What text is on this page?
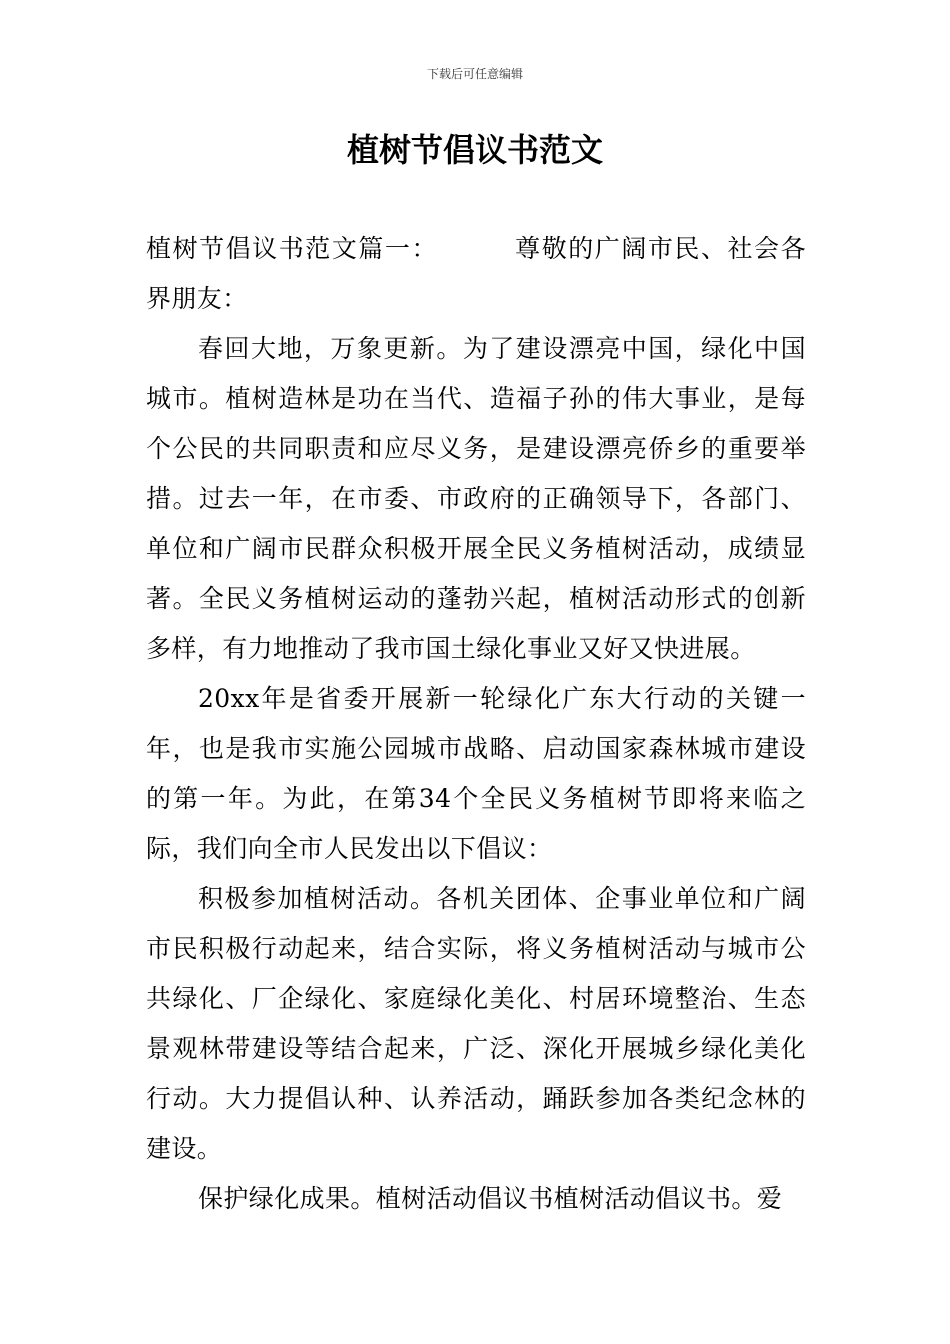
下载后可任意编辑
植树节倡议书范文

植树节倡议书范文篇一：	尊敬的广阔市民、社会各界朋友：

春回大地，万象更新。为了建设漂亮中国，绿化中国城市。植树造林是功在当代、造福子孙的伟大事业，是每个公民的共同职责和应尽义务，是建设漂亮侨乡的重要举措。过去一年，在市委、市政府的正确领导下，各部门、单位和广阔市民群众积极开展全民义务植树活动，成绩显著。全民义务植树运动的蓬勃兴起，植树活动形式的创新多样，有力地推动了我市国土绿化事业又好又快进展。

20xx年是省委开展新一轮绿化广东大行动的关键一年，也是我市实施公园城市战略、启动国家森林城市建设的第一年。为此，在第34个全民义务植树节即将来临之际，我们向全市人民发出以下倡议：

积极参加植树活动。各机关团体、企事业单位和广阔市民积极行动起来，结合实际，将义务植树活动与城市公共绿化、厂企绿化、家庭绿化美化、村居环境整治、生态景观林带建设等结合起来，广泛、深化开展城乡绿化美化行动。大力提倡认种、认养活动，踊跃参加各类纪念林的建设。

保护绿化成果。植树活动倡议书植树活动倡议书。爱
